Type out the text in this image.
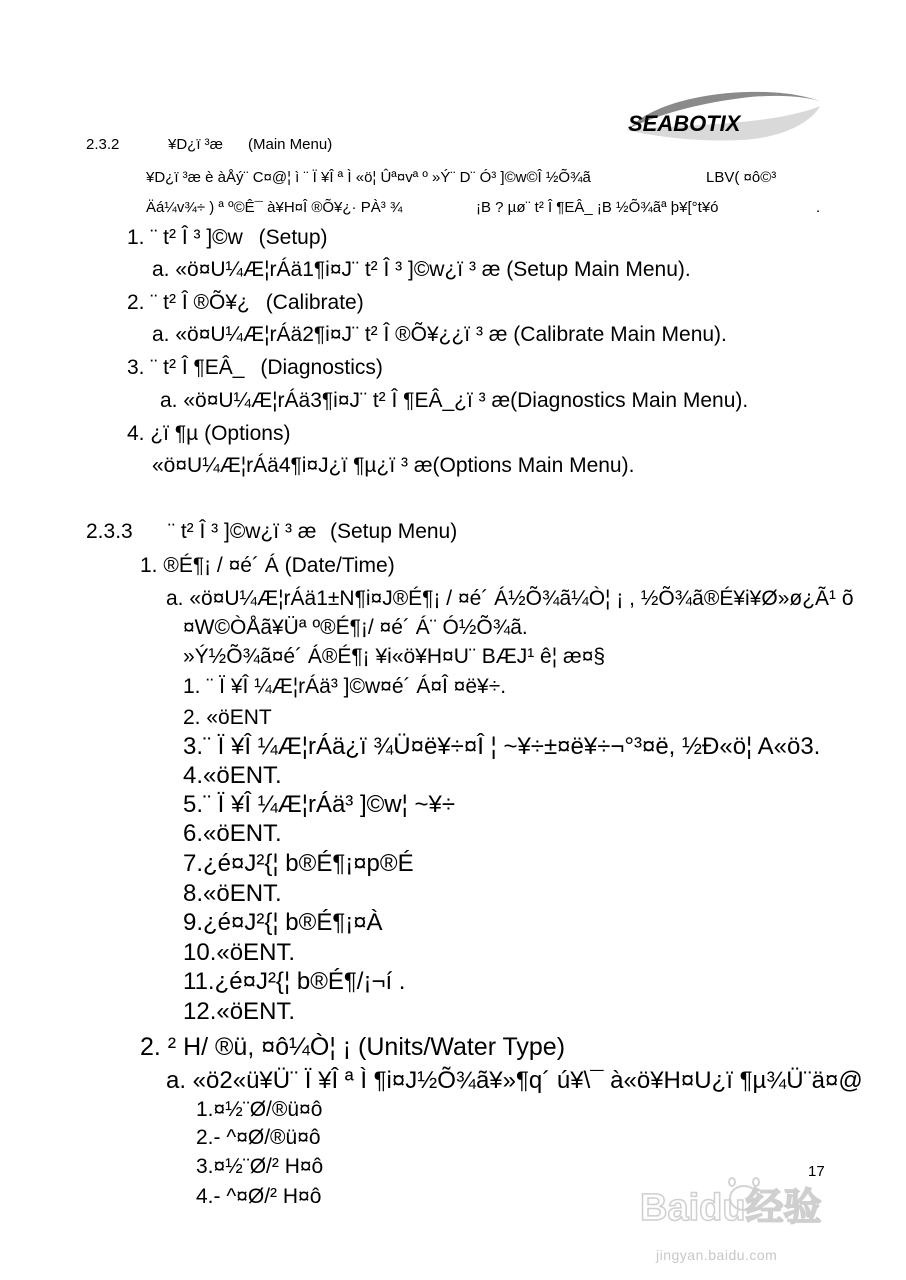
SEABOTIX
2.3.2	¥D¿ï ³æ (Main Menu)
¥D¿ï ³æ è àÅý¨ C¤@¦ ì ¨ Ï ¥Î ª Ì «ö¦ Ûª¤vª º »Ý¨ D¨ Ó³ ]©w©Î ½Õ¾ã	LBV( ¤ô©³
Äá¼v¾÷ ) ª º©Ê¯ à¥H¤Î ®Õ¥¿· PÀ³ ¾	¡B ? µø¨ t² Î ¶EÂ_ ¡B ½Õ¾ãª þ¥[°t¥ó	.
1. ¨ t² Î ³ ]©w (Setup)
a. «ö¤U¼Æ¦rÁä1¶i¤J¨ t² Î ³ ]©w¿ï ³ æ (Setup Main Menu).
2. ¨ t² Î ®Õ¥¿ (Calibrate)
a. «ö¤U¼Æ¦rÁä2¶i¤J¨ t² Î ®Õ¥¿¿ï ³ æ (Calibrate Main Menu).
3. ¨ t² Î ¶EÂ_ (Diagnostics)
a. «ö¤U¼Æ¦rÁä3¶i¤J¨ t² Î ¶EÂ_¿ï ³ æ(Diagnostics Main Menu).
4. ¿ï ¶µ (Options)
«ö¤U¼Æ¦rÁä4¶i¤J¿ï ¶µ¿ï ³ æ(Options Main Menu).
2.3.3 ¨ t² Î ³ ]©w¿ï ³ æ (Setup Menu)
1. ®É¶¡ / ¤é´ Á (Date/Time)
a. «ö¤U¼Æ¦rÁä1±N¶i¤J®É¶¡ / ¤é´ Á½Õ¾ã¼Ò¦ ¡ , ½Õ¾ã®É¥i¥Ø»ø¿Ã¹ õ
¤W©ÒÅã¥Üª º®É¶¡/ ¤é´ Á¨ Ó½Õ¾ã.
»Ý½Õ¾ã¤é´ Á®É¶¡ ¥i«ö¥H¤U¨ BÆJ¹ ê¦ æ¤§
1. ¨ Ï ¥Î ¼Æ¦rÁä³ ]©w¤é´ Á¤Î ¤ë¥÷.
2. «öENT
3.¨ Ï ¥Î ¼Æ¦rÁä¿ï ¾Ü¤ë¥÷¤Î ¦ ~¥÷±¤ë¥÷¬°³¤ë, ½Ð«ö¦ A«ö3.
4.«öENT.
5.¨ Ï ¥Î ¼Æ¦rÁä³ ]©w¦ ~¥÷
6.«öENT.
7.¿é¤J²{¦ b®É¶¡¤p®É
8.«öENT.
9.¿é¤J²{¦ b®É¶¡¤À
10.«öENT.
11.¿é¤J²{¦ b®É¶/¡¬í .
12.«öENT.
2. ² H/ ®ü, ¤ô¼Ò¦ ¡ (Units/Water Type)
a. «ö2«ü¥Ü¨ Ï ¥Î ª Ì ¶i¤J½Õ¾ã¥»¶q´ ú¥\¯ à«ö¥H¤U¿ï ¶µ¾Ü¨ä¤@
1.¤½¨Ø/®ü¤ô
2.- ^¤Ø/®ü¤ô
3.¤½¨Ø/² H¤ô
4.- ^¤Ø/² H¤ô
17
Baidu经验
jingyan.baidu.com
